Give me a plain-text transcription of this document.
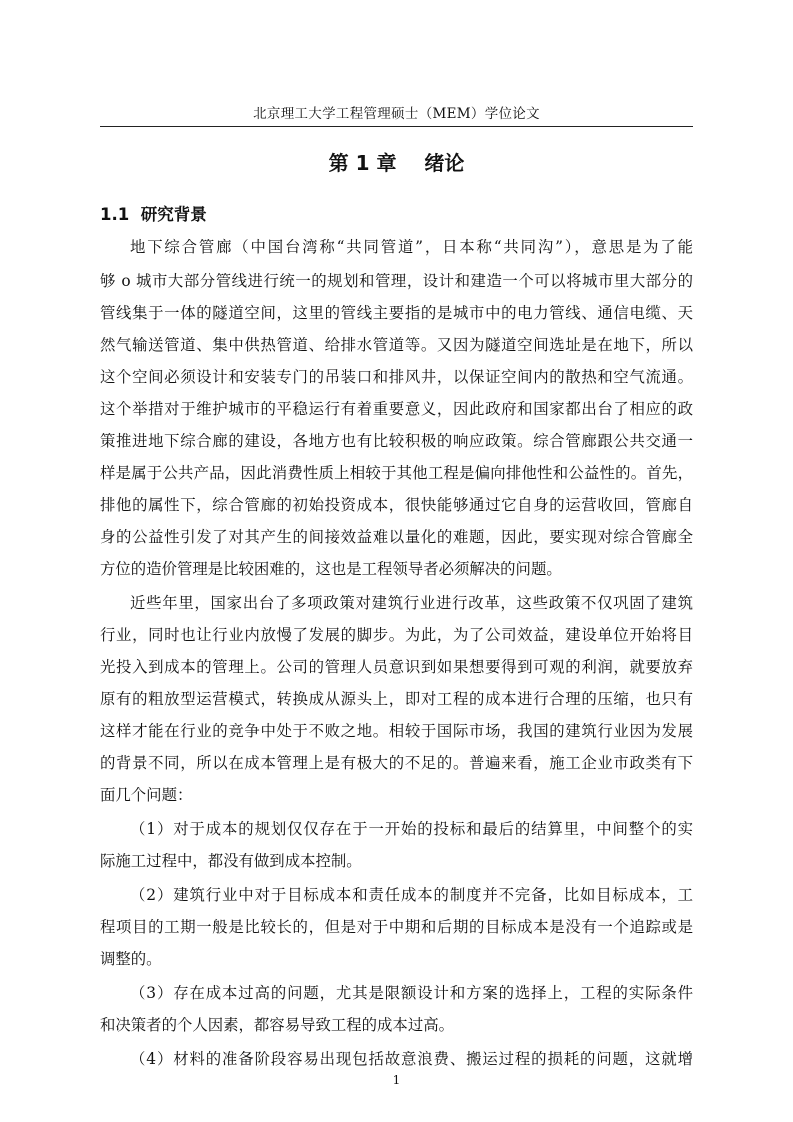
北京理工大学工程管理硕士（MEM）学位论文
第 1 章    绪论
1.1  研究背景
地下综合管廊（中国台湾称“共同管道”，日本称“共同沟”），意思是为了能
够 o 城市大部分管线进行统一的规划和管理，设计和建造一个可以将城市里大部分的
管线集于一体的隧道空间，这里的管线主要指的是城市中的电力管线、通信电缆、天
然气输送管道、集中供热管道、给排水管道等。又因为隧道空间选址是在地下，所以
这个空间必须设计和安装专门的吊装口和排风井，以保证空间内的散热和空气流通。
这个举措对于维护城市的平稳运行有着重要意义，因此政府和国家都出台了相应的政
策推进地下综合廊的建设，各地方也有比较积极的响应政策。综合管廊跟公共交通一
样是属于公共产品，因此消费性质上相较于其他工程是偏向排他性和公益性的。首先，
排他的属性下，综合管廊的初始投资成本，很快能够通过它自身的运营收回，管廊自
身的公益性引发了对其产生的间接效益难以量化的难题，因此，要实现对综合管廊全
方位的造价管理是比较困难的，这也是工程领导者必须解决的问题。
近些年里，国家出台了多项政策对建筑行业进行改革，这些政策不仅巩固了建筑
行业，同时也让行业内放慢了发展的脚步。为此，为了公司效益，建设单位开始将目
光投入到成本的管理上。公司的管理人员意识到如果想要得到可观的利润，就要放弃
原有的粗放型运营模式，转换成从源头上，即对工程的成本进行合理的压缩，也只有
这样才能在行业的竞争中处于不败之地。相较于国际市场，我国的建筑行业因为发展
的背景不同，所以在成本管理上是有极大的不足的。普遍来看，施工企业市政类有下
面几个问题：
（1）对于成本的规划仅仅存在于一开始的投标和最后的结算里，中间整个的实
际施工过程中，都没有做到成本控制。
（2）建筑行业中对于目标成本和责任成本的制度并不完备，比如目标成本，工
程项目的工期一般是比较长的，但是对于中期和后期的目标成本是没有一个追踪或是
调整的。
（3）存在成本过高的问题，尤其是限额设计和方案的选择上，工程的实际条件
和决策者的个人因素，都容易导致工程的成本过高。
（4）材料的准备阶段容易出现包括故意浪费、搬运过程的损耗的问题，这就增
1
